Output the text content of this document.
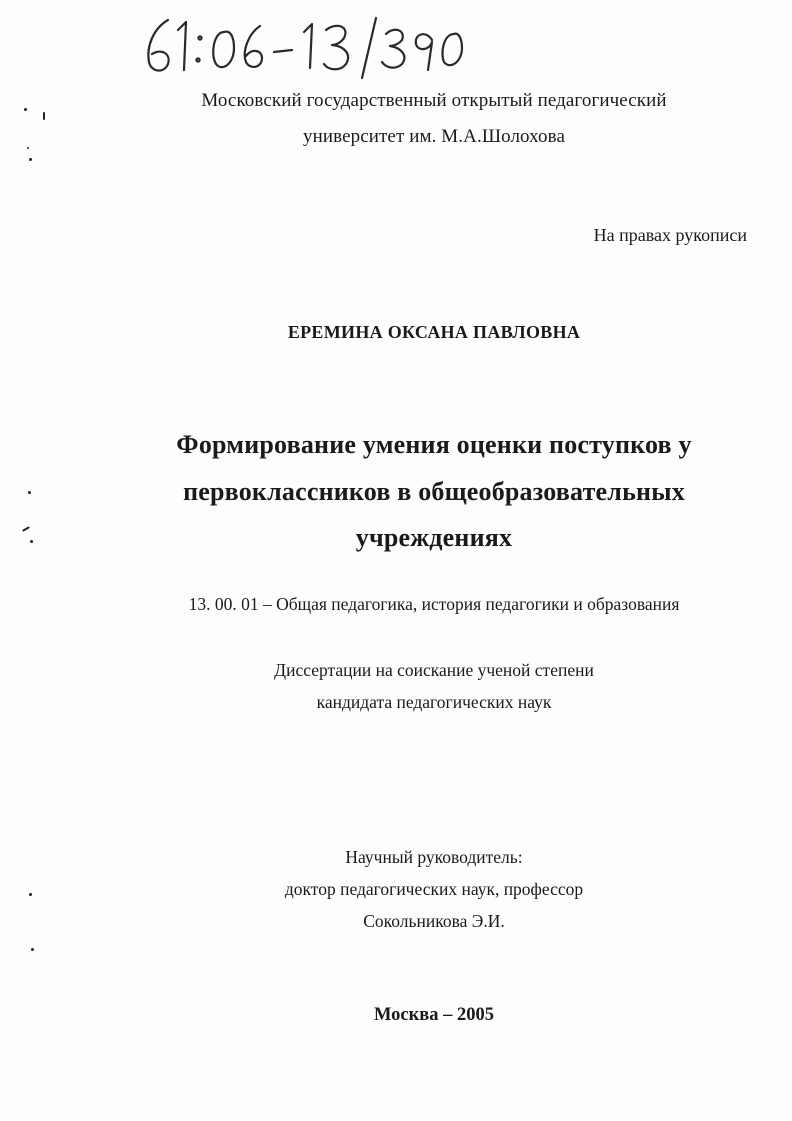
Московский государственный открытый педагогический
университет им. М.А.Шолохова
На правах рукописи
ЕРЕМИНА ОКСАНА ПАВЛОВНА
Формирование умения оценки поступков у
первоклассников в общеобразовательных
учреждениях
13. 00. 01 – Общая педагогика, история педагогики и образования
Диссертации на соискание ученой степени
кандидата педагогических наук
Научный руководитель:
доктор педагогических наук, профессор
Сокольникова Э.И.
Москва – 2005
